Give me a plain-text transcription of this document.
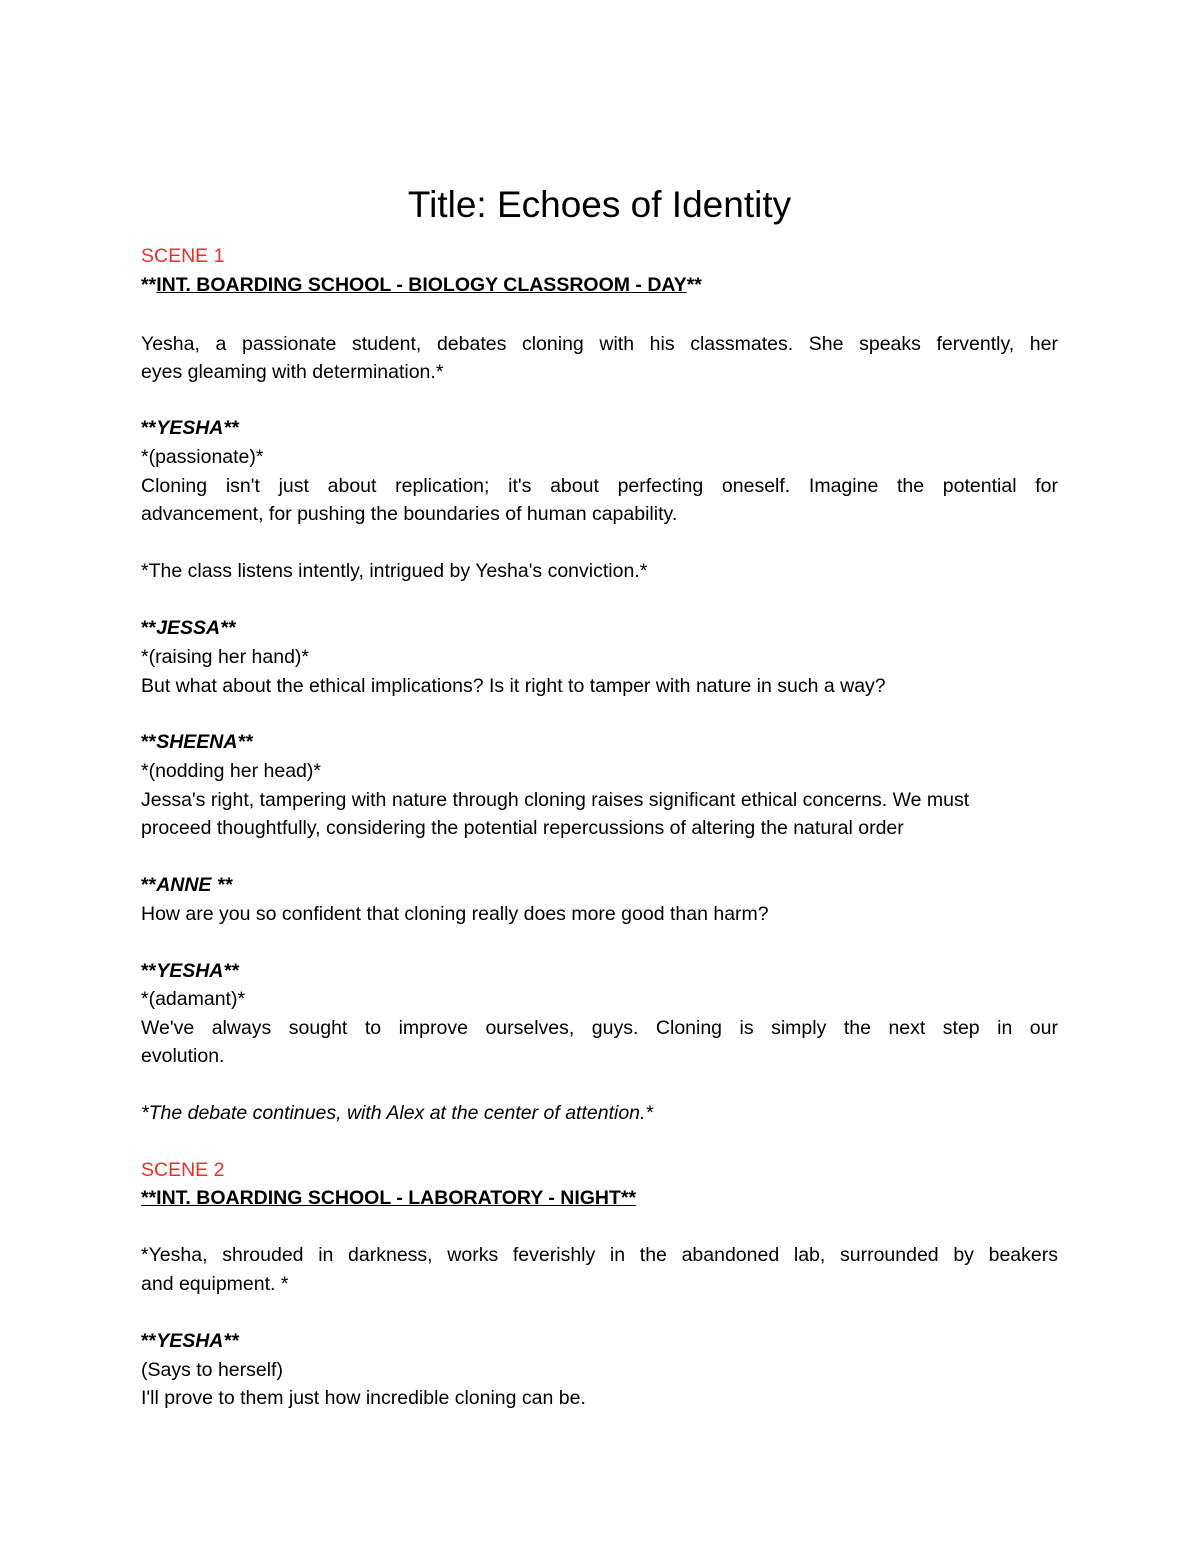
Title: Echoes of Identity
SCENE 1
**INT. BOARDING SCHOOL - BIOLOGY CLASSROOM - DAY**
Yesha, a passionate student, debates cloning with his classmates. She speaks fervently, her
eyes gleaming with determination.*
**YESHA**
*(passionate)*
Cloning isn't just about replication; it's about perfecting oneself. Imagine the potential for
advancement, for pushing the boundaries of human capability.
*The class listens intently, intrigued by Yesha's conviction.*
**JESSA**
*(raising her hand)*
But what about the ethical implications? Is it right to tamper with nature in such a way?
**SHEENA**
*(nodding her head)*
Jessa's right, tampering with nature through cloning raises significant ethical concerns. We must
proceed thoughtfully, considering the potential repercussions of altering the natural order
**ANNE **
How are you so confident that cloning really does more good than harm?
**YESHA**
*(adamant)*
We've always sought to improve ourselves, guys. Cloning is simply the next step in our
evolution.
*The debate continues, with Alex at the center of attention.*
SCENE 2
**INT. BOARDING SCHOOL - LABORATORY - NIGHT**
*Yesha, shrouded in darkness, works feverishly in the abandoned lab, surrounded by beakers
and equipment. *
**YESHA**
(Says to herself)
I'll prove to them just how incredible cloning can be.
